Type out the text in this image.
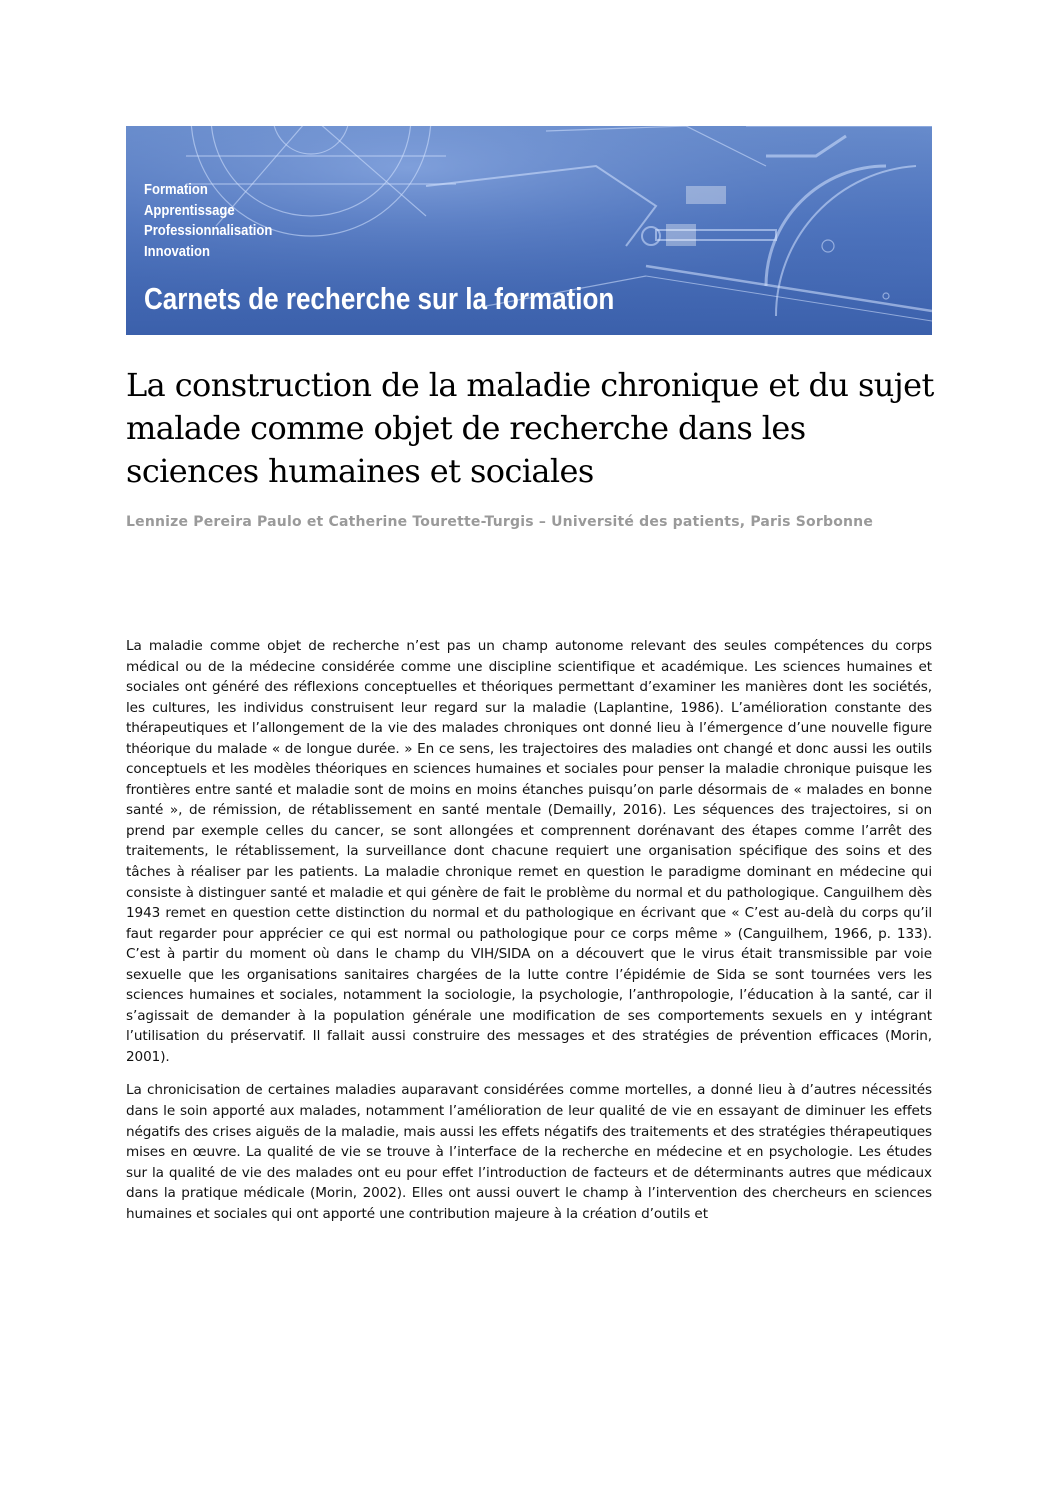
Formation
Apprentissage
Professionnalisation
Innovation
Carnets de recherche sur la formation
La construction de la maladie chronique et du sujet malade comme objet de recherche dans les sciences humaines et sociales
Lennize Pereira Paulo et Catherine Tourette-Turgis – Université des patients, Paris Sorbonne

La maladie comme objet de recherche n’est pas un champ autonome relevant des seules compétences du corps médical ou de la médecine considérée comme une discipline scientifique et académique. Les sciences humaines et sociales ont généré des réflexions conceptuelles et théoriques permettant d’examiner les manières dont les sociétés, les cultures, les individus construisent leur regard sur la maladie (Laplantine, 1986). L’amélioration constante des thérapeutiques et l’allongement de la vie des malades chroniques ont donné lieu à l’émergence d’une nouvelle figure théorique du malade « de longue durée. » En ce sens, les trajectoires des maladies ont changé et donc aussi les outils conceptuels et les modèles théoriques en sciences humaines et sociales pour penser la maladie chronique puisque les frontières entre santé et maladie sont de moins en moins étanches puisqu’on parle désormais de « malades en bonne santé », de rémission, de rétablissement en santé mentale (Demailly, 2016). Les séquences des trajectoires, si on prend par exemple celles du cancer, se sont allongées et comprennent dorénavant des étapes comme l’arrêt des traitements, le rétablissement, la surveillance dont chacune requiert une organisation spécifique des soins et des tâches à réaliser par les patients. La maladie chronique remet en question le paradigme dominant en médecine qui consiste à distinguer santé et maladie et qui génère de fait le problème du normal et du pathologique. Canguilhem dès 1943 remet en question cette distinction du normal et du pathologique en écrivant que « C’est au-delà du corps qu’il faut regarder pour apprécier ce qui est normal ou pathologique pour ce corps même » (Canguilhem, 1966, p. 133). C’est à partir du moment où dans le champ du VIH/SIDA on a découvert que le virus était transmissible par voie sexuelle que les organisations sanitaires chargées de la lutte contre l’épidémie de Sida se sont tournées vers les sciences humaines et sociales, notamment la sociologie, la psychologie, l’anthropologie, l’éducation à la santé, car il s’agissait de demander à la population générale une modification de ses comportements sexuels en y intégrant l’utilisation du préservatif. Il fallait aussi construire des messages et des stratégies de prévention efficaces (Morin, 2001).

La chronicisation de certaines maladies auparavant considérées comme mortelles, a donné lieu à d’autres nécessités dans le soin apporté aux malades, notamment l’amélioration de leur qualité de vie en essayant de diminuer les effets négatifs des crises aiguës de la maladie, mais aussi les effets négatifs des traitements et des stratégies thérapeutiques mises en œuvre. La qualité de vie se trouve à l’interface de la recherche en médecine et en psychologie. Les études sur la qualité de vie des malades ont eu pour effet l’introduction de facteurs et de déterminants autres que médicaux dans la pratique médicale (Morin, 2002). Elles ont aussi ouvert le champ à l’intervention des chercheurs en sciences humaines et sociales qui ont apporté une contribution majeure à la création d’outils et
